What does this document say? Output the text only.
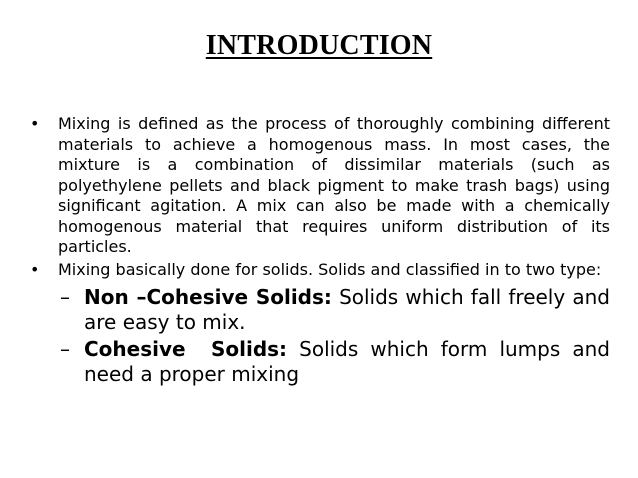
INTRODUCTION
• Mixing is defined as the process of thoroughly combining different materials to achieve a homogenous mass. In most cases, the mixture is a combination of dissimilar materials (such as polyethylene pellets and black pigment to make trash bags) using significant agitation. A mix can also be made with a chemically homogenous material that requires uniform distribution of its particles.
• Mixing basically done for solids. Solids and classified in to two type:
– Non –Cohesive Solids: Solids which fall freely and are easy to mix.
– Cohesive  Solids: Solids which form lumps and need a proper mixing
